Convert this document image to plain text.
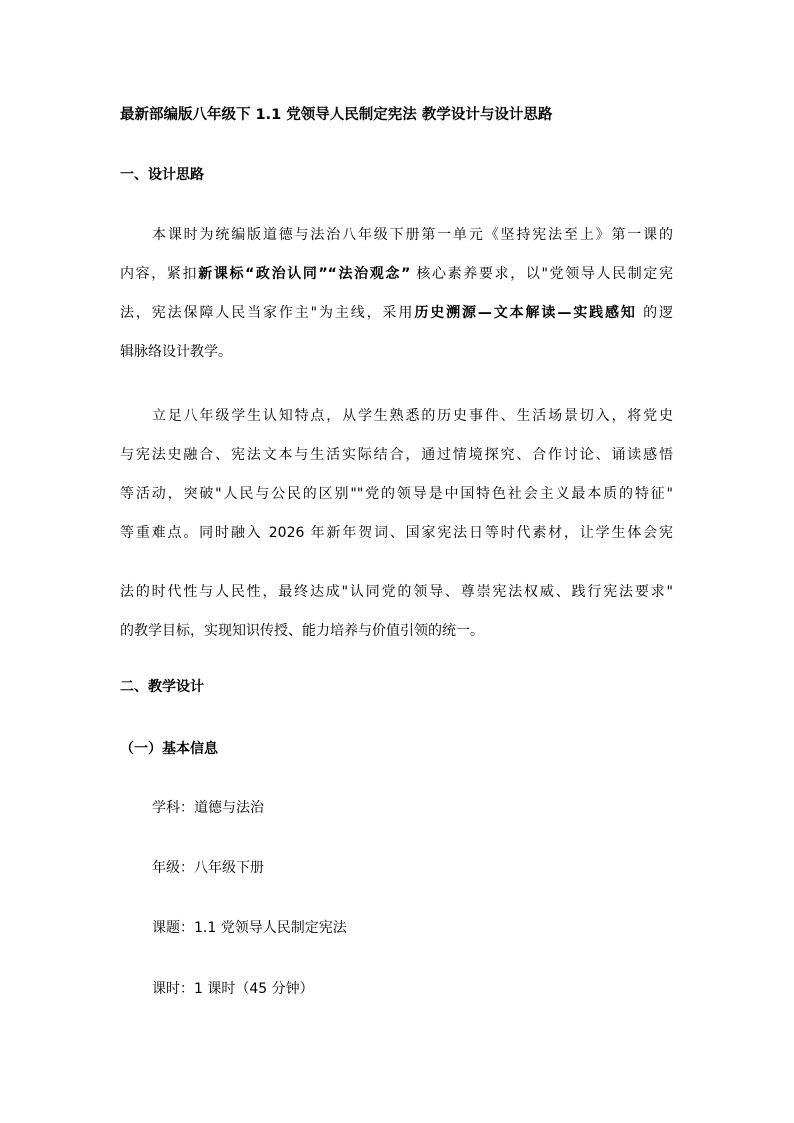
最新部编版八年级下 1.1 党领导人民制定宪法 教学设计与设计思路
一、设计思路
本课时为统编版道德与法治八年级下册第一单元《坚持宪法至上》第一课的
内容，紧扣新课标“政治认同”“法治观念” 核心素养要求，以"党领导人民制定宪
法，宪法保障人民当家作主"为主线，采用历史溯源—文本解读—实践感知 的逻
辑脉络设计教学。
立足八年级学生认知特点，从学生熟悉的历史事件、生活场景切入，将党史
与宪法史融合、宪法文本与生活实际结合，通过情境探究、合作讨论、诵读感悟
等活动，突破"人民与公民的区别""党的领导是中国特色社会主义最本质的特征"
等重难点。同时融入 2026 年新年贺词、国家宪法日等时代素材，让学生体会宪
法的时代性与人民性，最终达成"认同党的领导、尊崇宪法权威、践行宪法要求"
的教学目标，实现知识传授、能力培养与价值引领的统一。
二、教学设计
（一）基本信息
学科：道德与法治
年级：八年级下册
课题：1.1 党领导人民制定宪法
课时：1 课时（45 分钟）
